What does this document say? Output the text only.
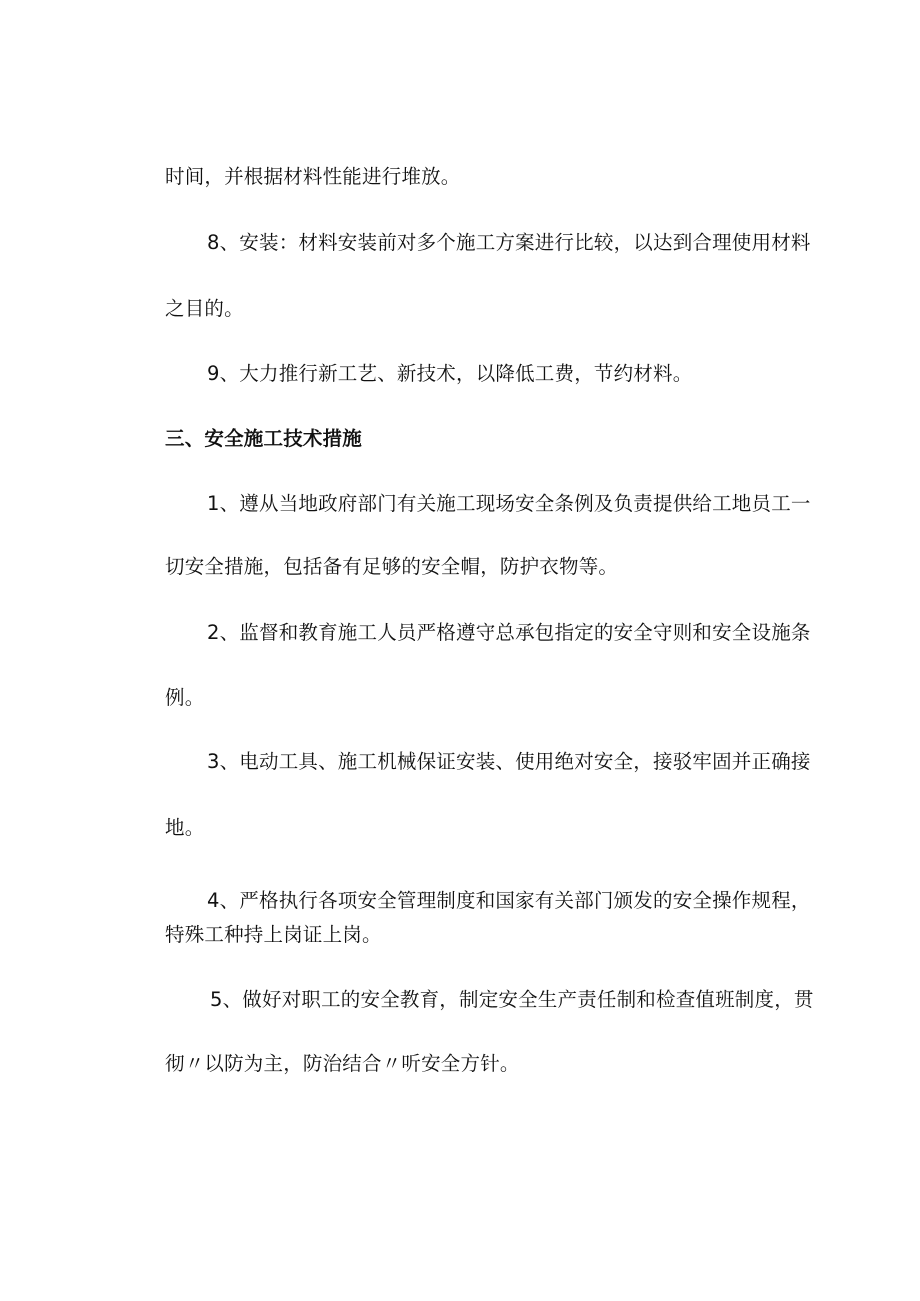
时间，并根据材料性能进行堆放。
8、安装：材料安装前对多个施工方案进行比较，以达到合理使用材料
之目的。
9、大力推行新工艺、新技术，以降低工费，节约材料。
三、安全施工技术措施
1、遵从当地政府部门有关施工现场安全条例及负责提供给工地员工一
切安全措施，包括备有足够的安全帽，防护衣物等。
2、监督和教育施工人员严格遵守总承包指定的安全守则和安全设施条
例。
3、电动工具、施工机械保证安装、使用绝对安全，接驳牢固并正确接
地。
4、严格执行各项安全管理制度和国家有关部门颁发的安全操作规程，
特殊工种持上岗证上岗。
5、做好对职工的安全教育，制定安全生产责任制和检查值班制度，贯
彻〃以防为主，防治结合〃听安全方针。
